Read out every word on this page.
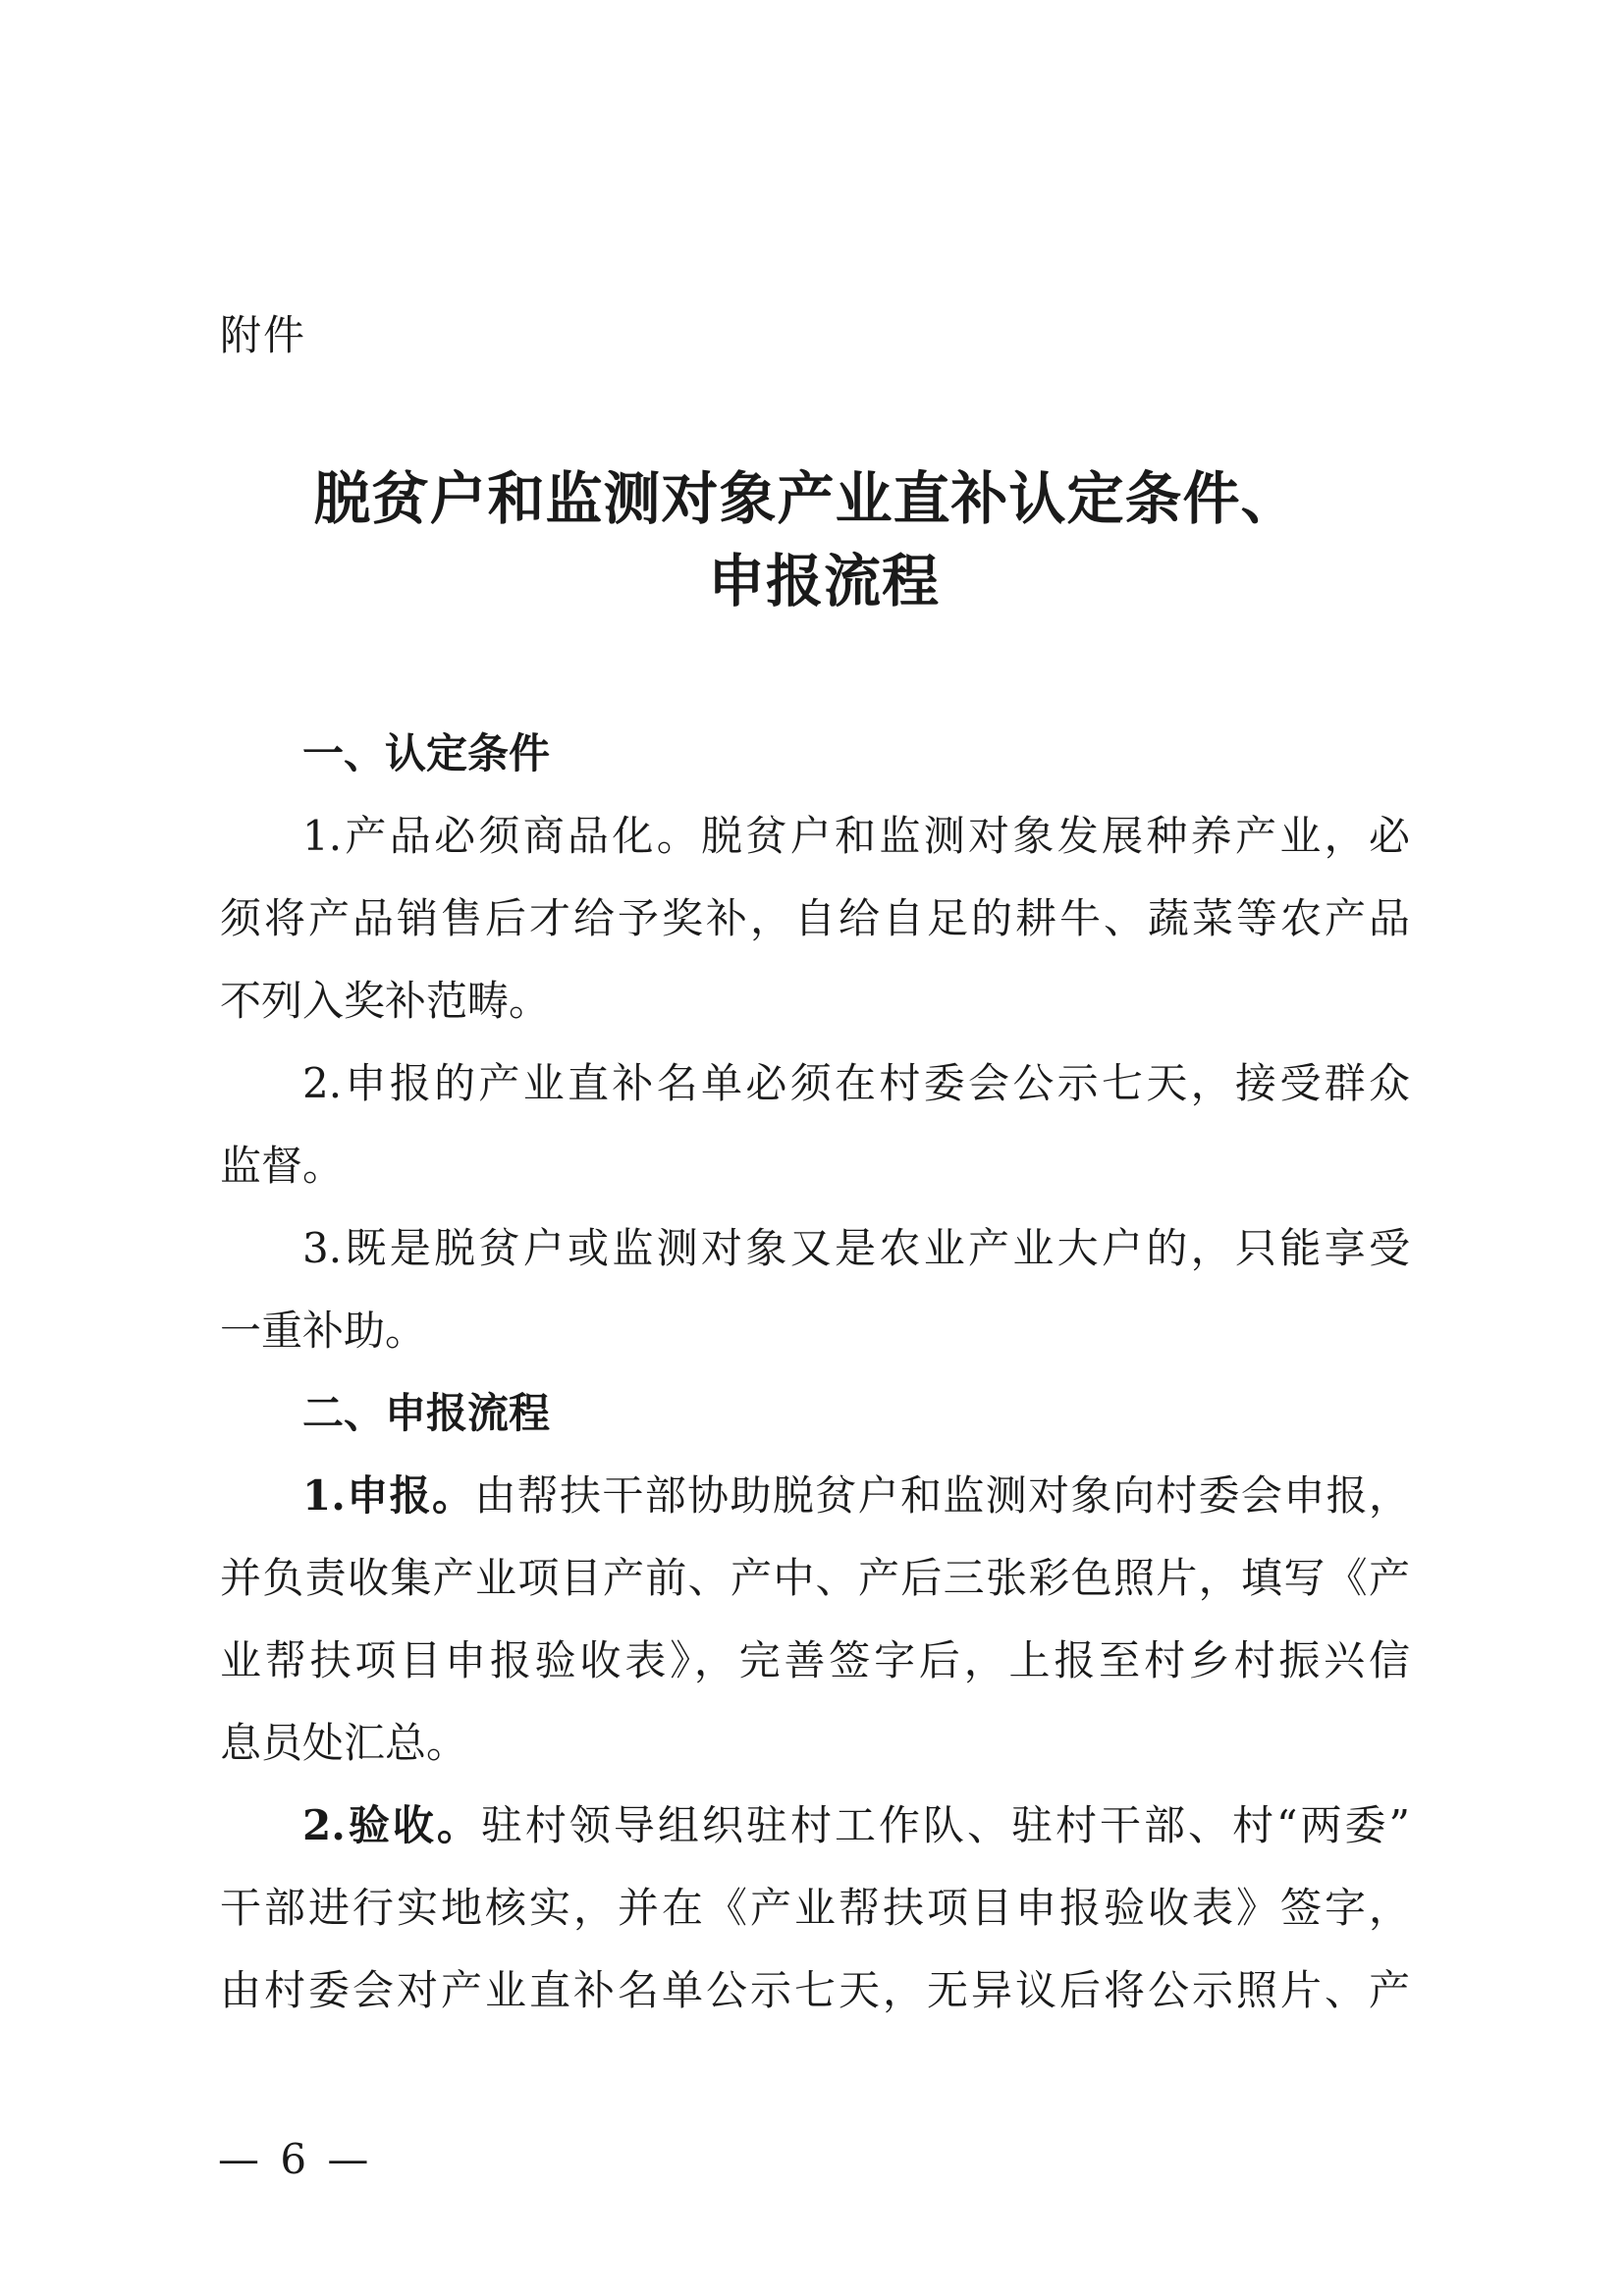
附件
脱贫户和监测对象产业直补认定条件、
申报流程
一、认定条件
1.产品必须商品化。脱贫户和监测对象发展种养产业，必
须将产品销售后才给予奖补，自给自足的耕牛、蔬菜等农产品
不列入奖补范畴。
2.申报的产业直补名单必须在村委会公示七天，接受群众
监督。
3.既是脱贫户或监测对象又是农业产业大户的，只能享受
一重补助。
二、申报流程
1.申报。由帮扶干部协助脱贫户和监测对象向村委会申报，
并负责收集产业项目产前、产中、产后三张彩色照片，填写《产
业帮扶项目申报验收表》，完善签字后，上报至村乡村振兴信
息员处汇总。
2.验收。驻村领导组织驻村工作队、驻村干部、村“两委”
干部进行实地核实，并在《产业帮扶项目申报验收表》签字，
由村委会对产业直补名单公示七天，无异议后将公示照片、产
— 6 —
